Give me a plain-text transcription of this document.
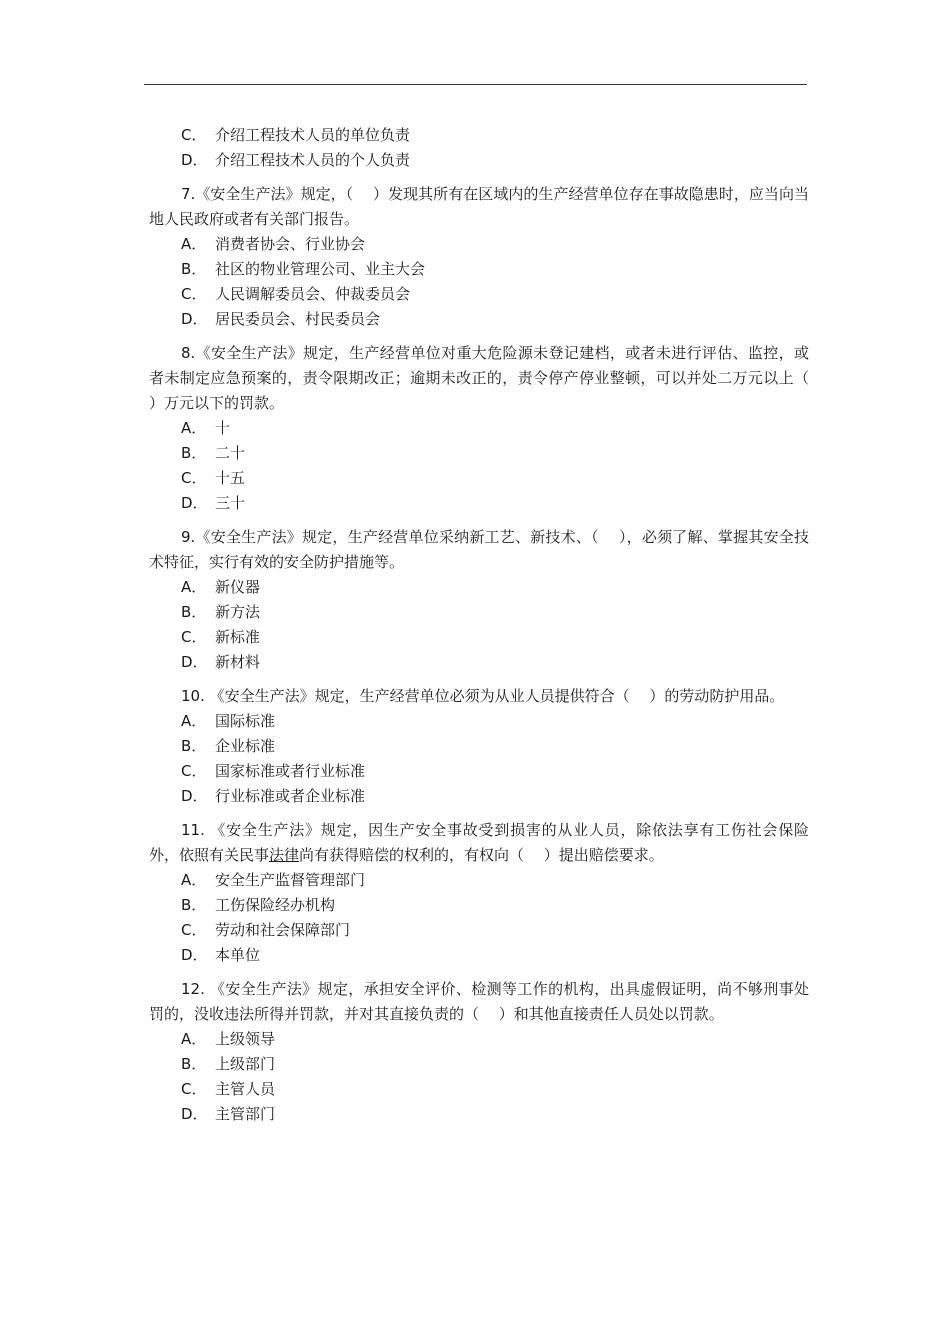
C． 介绍工程技术人员的单位负责
D． 介绍工程技术人员的个人负责
7.《安全生产法》规定，（　 ）发现其所有在区域内的生产经营单位存在事故隐患时，应当向当地人民政府或者有关部门报告。
A． 消费者协会、行业协会
B． 社区的物业管理公司、业主大会
C． 人民调解委员会、仲裁委员会
D． 居民委员会、村民委员会
8.《安全生产法》规定，生产经营单位对重大危险源未登记建档，或者未进行评估、监控，或者未制定应急预案的，责令限期改正；逾期未改正的，责令停产停业整顿，可以并处二万元以上（　 ）万元以下的罚款。
A． 十
B． 二十
C． 十五
D． 三十
9.《安全生产法》规定，生产经营单位采纳新工艺、新技术、（　 ），必须了解、掌握其安全技术特征，实行有效的安全防护措施等。
A． 新仪器
B． 新方法
C． 新标准
D． 新材料
10. 《安全生产法》规定，生产经营单位必须为从业人员提供符合（　 ）的劳动防护用品。
A． 国际标准
B． 企业标准
C． 国家标准或者行业标准
D． 行业标准或者企业标准
11. 《安全生产法》规定，因生产安全事故受到损害的从业人员，除依法享有工伤社会保险外，依照有关民事法律尚有获得赔偿的权利的，有权向（　 ）提出赔偿要求。
A． 安全生产监督管理部门
B． 工伤保险经办机构
C． 劳动和社会保障部门
D． 本单位
12. 《安全生产法》规定，承担安全评价、检测等工作的机构，出具虚假证明，尚不够刑事处罚的，没收违法所得并罚款，并对其直接负责的（　 ）和其他直接责任人员处以罚款。
A． 上级领导
B． 上级部门
C． 主管人员
D． 主管部门
